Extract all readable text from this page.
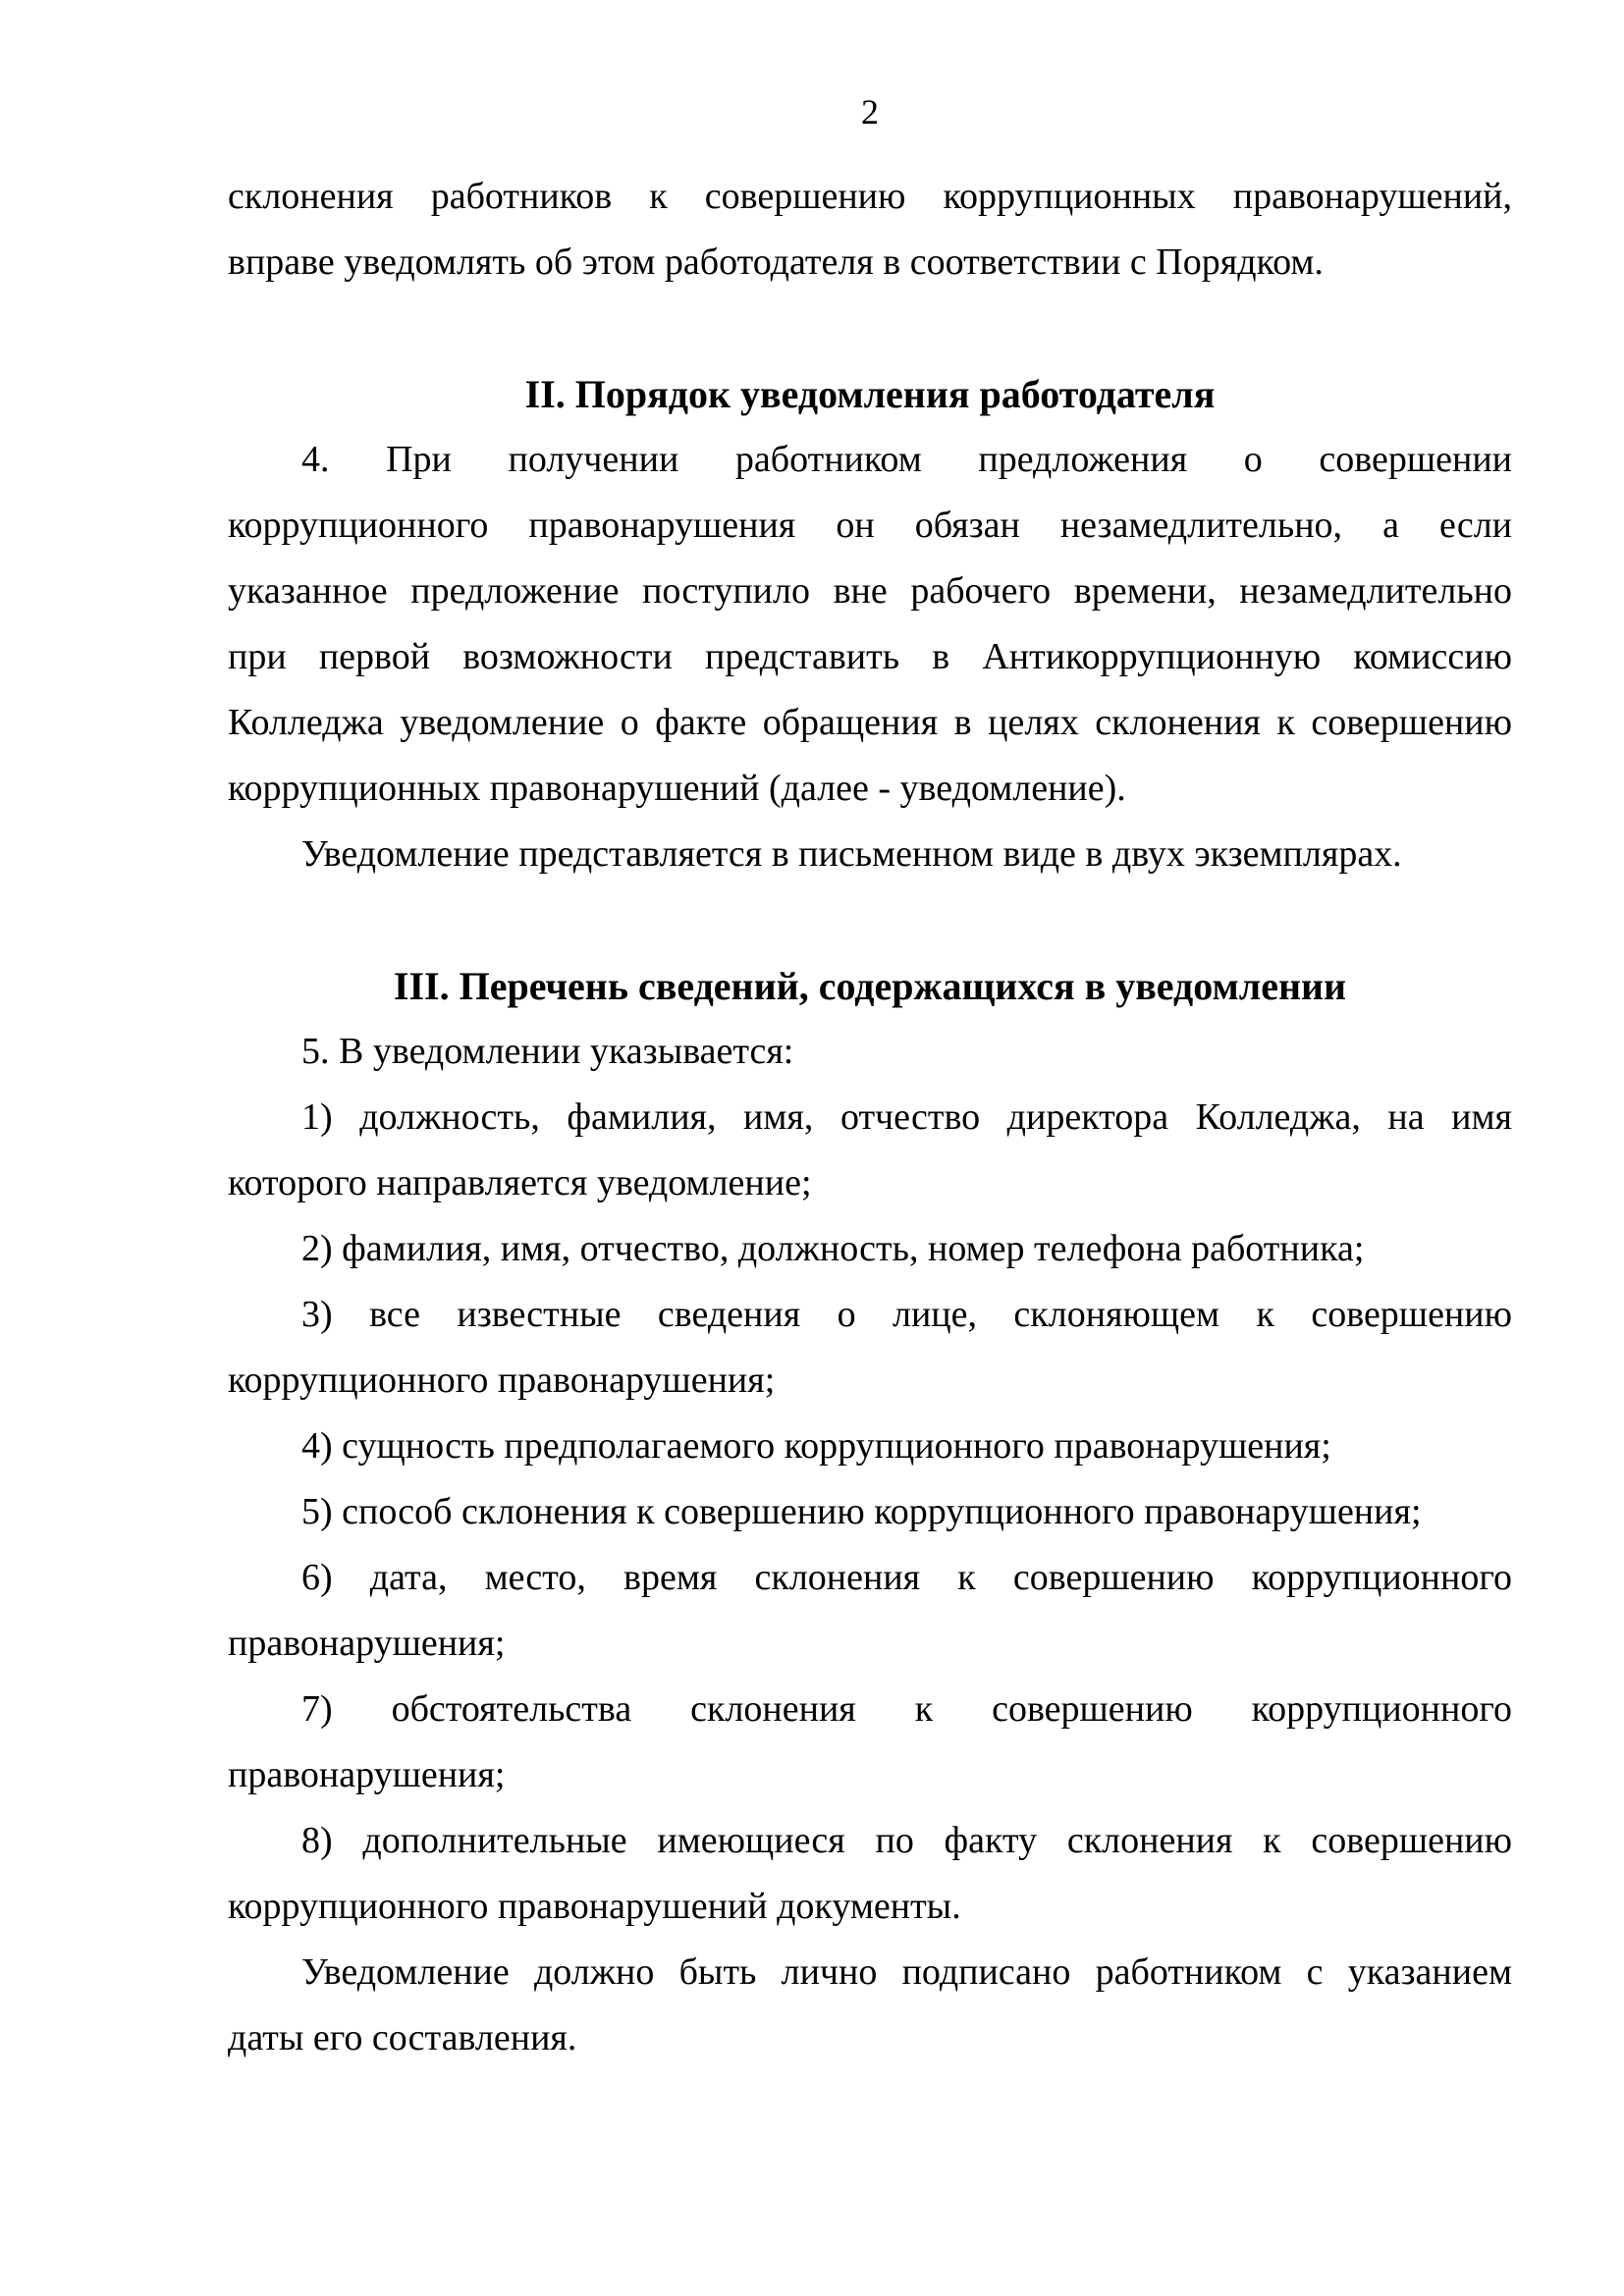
2
склонения работников к совершению коррупционных правонарушений,
вправе уведомлять об этом работодателя в соответствии с Порядком.
II. Порядок уведомления работодателя
4. При получении работником предложения о совершении
коррупционного правонарушения он обязан незамедлительно, а если
указанное предложение поступило вне рабочего времени, незамедлительно
при первой возможности представить в Антикоррупционную комиссию
Колледжа уведомление о факте обращения в целях склонения к совершению
коррупционных правонарушений (далее - уведомление).
Уведомление представляется в письменном виде в двух экземплярах.
III. Перечень сведений, содержащихся в уведомлении
5. В уведомлении указывается:
1) должность, фамилия, имя, отчество директора Колледжа, на имя
которого направляется уведомление;
2) фамилия, имя, отчество, должность, номер телефона работника;
3) все известные сведения о лице, склоняющем к совершению
коррупционного правонарушения;
4) сущность предполагаемого коррупционного правонарушения;
5) способ склонения к совершению коррупционного правонарушения;
6) дата, место, время склонения к совершению коррупционного
правонарушения;
7) обстоятельства склонения к совершению коррупционного
правонарушения;
8) дополнительные имеющиеся по факту склонения к совершению
коррупционного правонарушений документы.
Уведомление должно быть лично подписано работником с указанием
даты его составления.
